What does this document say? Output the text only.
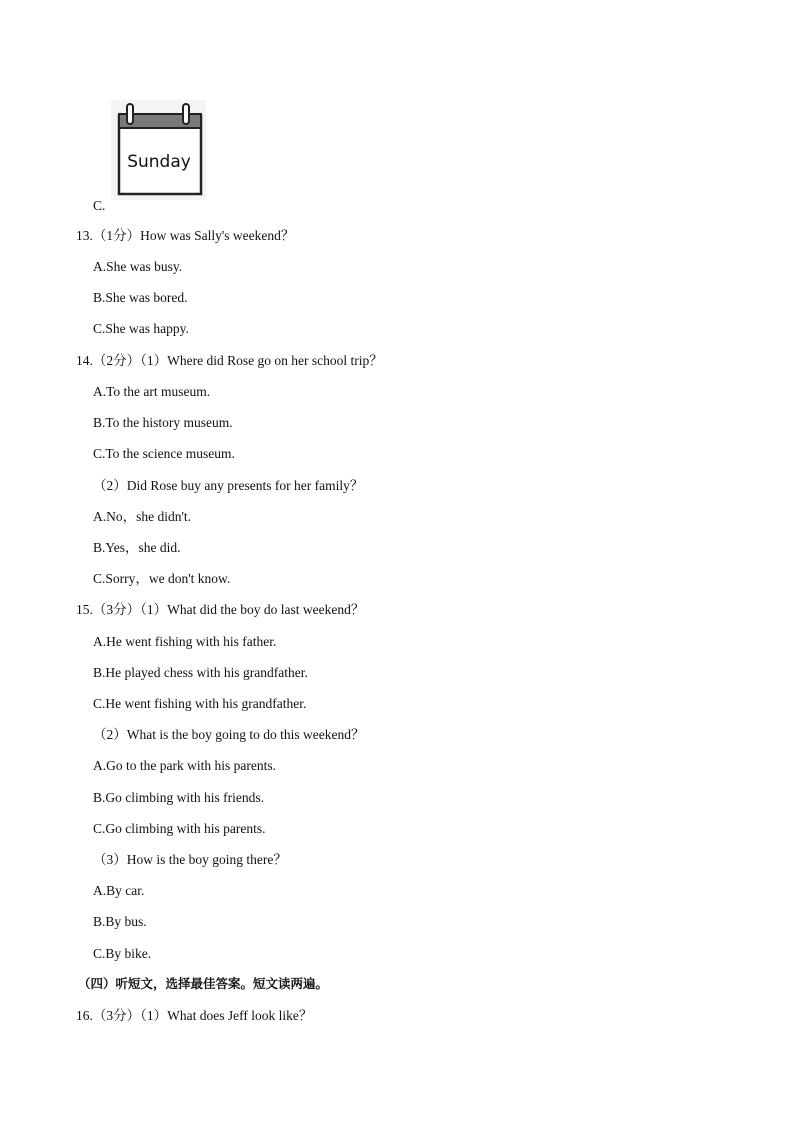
Sunday
C.
13.（1分）How was Sally's weekend？
A.She was busy.
B.She was bored.
C.She was happy.
14.（2分）（1）Where did Rose go on her school trip？
A.To the art museum.
B.To the history museum.
C.To the science museum.
（2）Did Rose buy any presents for her family？
A.No，she didn't.
B.Yes，she did.
C.Sorry，we don't know.
15.（3分）（1）What did the boy do last weekend？
A.He went fishing with his father.
B.He played chess with his grandfather.
C.He went fishing with his grandfather.
（2）What is the boy going to do this weekend？
A.Go to the park with his parents.
B.Go climbing with his friends.
C.Go climbing with his parents.
（3）How is the boy going there？
A.By car.
B.By bus.
C.By bike.
（四）听短文，选择最佳答案。短文读两遍。
16.（3分）（1）What does Jeff look like？
